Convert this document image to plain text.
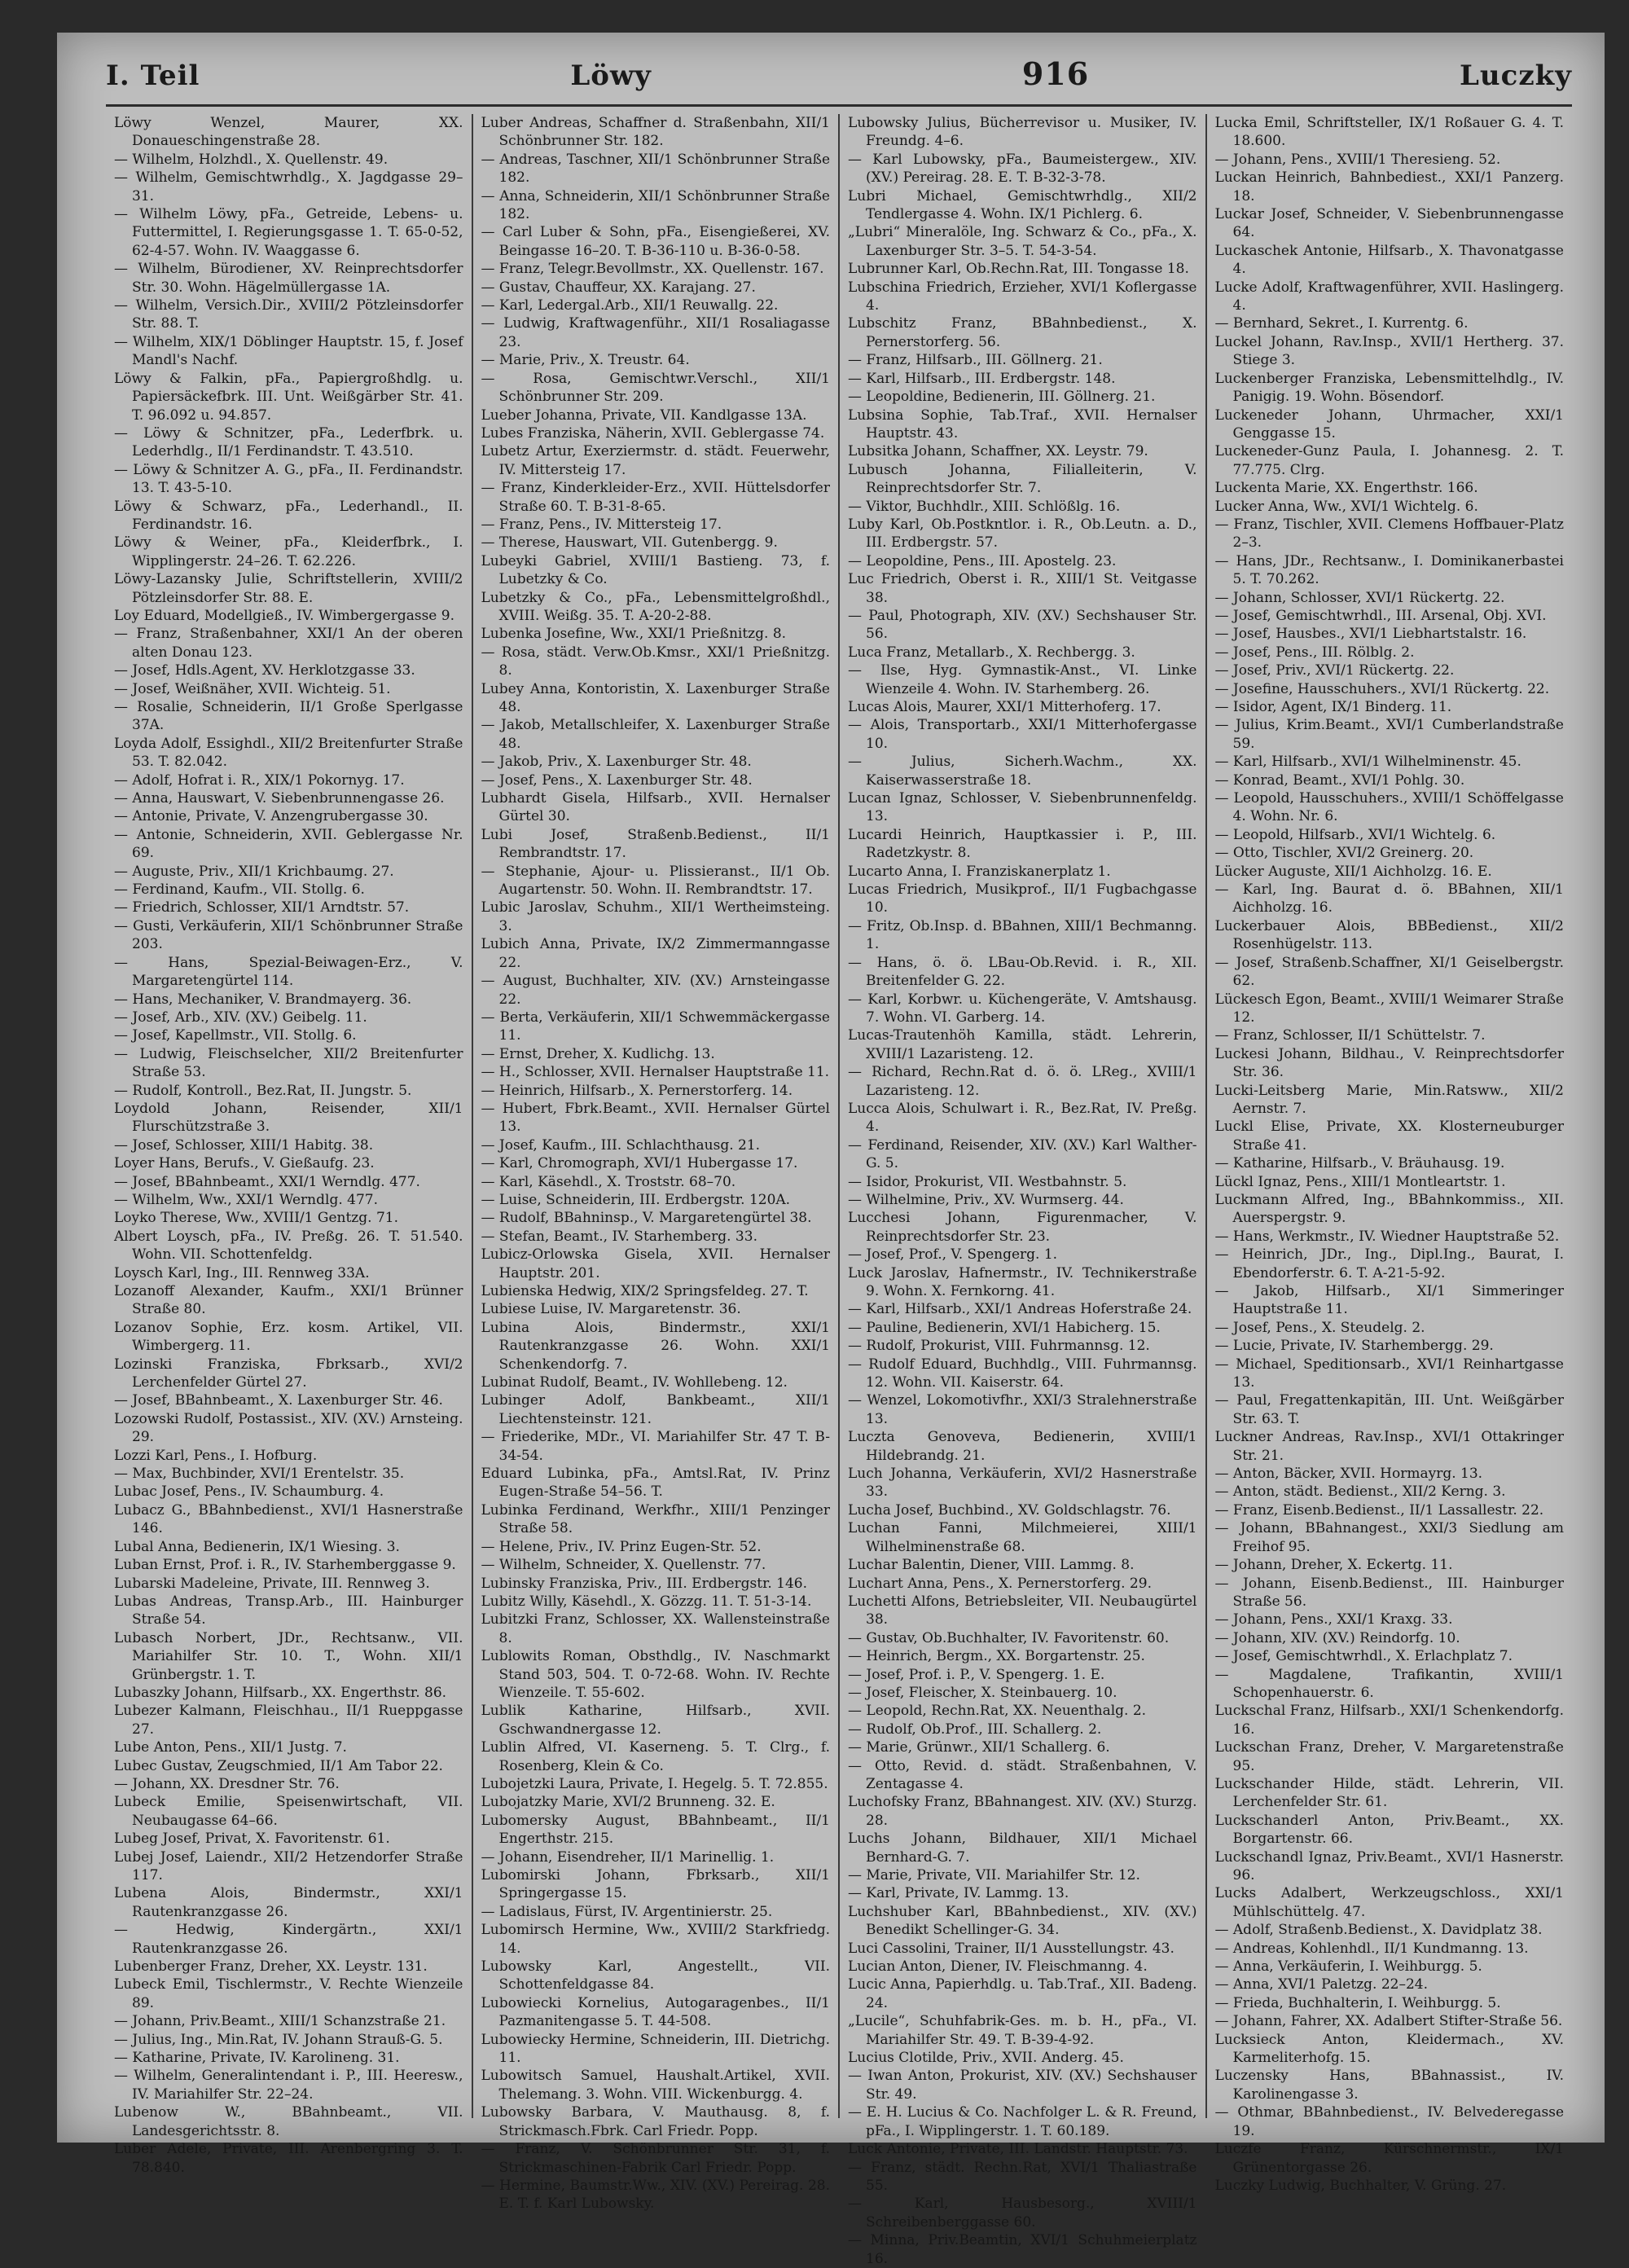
I. Teil	Löwy	916	Luczky

Löwy Wenzel, Maurer, XX. Donaueschingenstraße 28.

— Wilhelm, Holzhdl., X. Quellenstr. 49.

— Wilhelm, Gemischtwrhdlg., X. Jagdgasse 29–31.

— Wilhelm Löwy, pFa., Getreide, Lebens- u. Futtermittel, I. Regierungsgasse 1. T. 65-0-52, 62-4-57. Wohn. IV. Waaggasse 6.

— Wilhelm, Bürodiener, XV. Reinprechtsdorfer Str. 30. Wohn. Hägelmüllergasse 1A.

— Wilhelm, Versich.Dir., XVIII/2 Pötzleinsdorfer Str. 88. T.

— Wilhelm, XIX/1 Döblinger Hauptstr. 15, f. Josef Mandl's Nachf.

Löwy & Falkin, pFa., Papiergroßhdlg. u. Papiersäckefbrk. III. Unt. Weißgärber Str. 41. T. 96.092 u. 94.857.

— Löwy & Schnitzer, pFa., Lederfbrk. u. Lederhdlg., II/1 Ferdinandstr. T. 43.510.

— Löwy & Schnitzer A. G., pFa., II. Ferdinandstr. 13. T. 43-5-10.

Löwy & Schwarz, pFa., Lederhandl., II. Ferdinandstr. 16.

Löwy & Weiner, pFa., Kleiderfbrk., I. Wipplingerstr. 24–26. T. 62.226.

Löwy-Lazansky Julie, Schriftstellerin, XVIII/2 Pötzleinsdorfer Str. 88. E.

Loy Eduard, Modellgieß., IV. Wimbergergasse 9.

— Franz, Straßenbahner, XXI/1 An der oberen alten Donau 123.

— Josef, Hdls.Agent, XV. Herklotzgasse 33.

— Josef, Weißnäher, XVII. Wichteig. 51.

— Rosalie, Schneiderin, II/1 Große Sperlgasse 37A.

Loyda Adolf, Essighdl., XII/2 Breitenfurter Straße 53. T. 82.042.

— Adolf, Hofrat i. R., XIX/1 Pokornyg. 17.

— Anna, Hauswart, V. Siebenbrunnengasse 26.

— Antonie, Private, V. Anzengrubergasse 30.

— Antonie, Schneiderin, XVII. Geblergasse Nr. 69.

— Auguste, Priv., XII/1 Krichbaumg. 27.

— Ferdinand, Kaufm., VII. Stollg. 6.

— Friedrich, Schlosser, XII/1 Arndtstr. 57.

— Gusti, Verkäuferin, XII/1 Schönbrunner Straße 203.

— Hans, Spezial-Beiwagen-Erz., V. Margaretengürtel 114.

— Hans, Mechaniker, V. Brandmayerg. 36.

— Josef, Arb., XIV. (XV.) Geibelg. 11.

— Josef, Kapellmstr., VII. Stollg. 6.

— Ludwig, Fleischselcher, XII/2 Breitenfurter Straße 53.

— Rudolf, Kontroll., Bez.Rat, II. Jungstr. 5.

Loydold Johann, Reisender, XII/1 Flurschützstraße 3.

— Josef, Schlosser, XIII/1 Habitg. 38.

Loyer Hans, Berufs., V. Gießaufg. 23.

— Josef, BBahnbeamt., XXI/1 Werndlg. 477.

— Wilhelm, Ww., XXI/1 Werndlg. 477.

Loyko Therese, Ww., XVIII/1 Gentzg. 71.

Albert Loysch, pFa., IV. Preßg. 26. T. 51.540. Wohn. VII. Schottenfeldg.

Loysch Karl, Ing., III. Rennweg 33A.

Lozanoff Alexander, Kaufm., XXI/1 Brünner Straße 80.

Lozanov Sophie, Erz. kosm. Artikel, VII. Wimbergerg. 11.

Lozinski Franziska, Fbrksarb., XVI/2 Lerchenfelder Gürtel 27.

— Josef, BBahnbeamt., X. Laxenburger Str. 46.

Lozowski Rudolf, Postassist., XIV. (XV.) Arnsteing. 29.

Lozzi Karl, Pens., I. Hofburg.

— Max, Buchbinder, XVI/1 Erentelstr. 35.

Lubac Josef, Pens., IV. Schaumburg. 4.

Lubacz G., BBahnbedienst., XVI/1 Hasnerstraße 146.

Lubal Anna, Bedienerin, IX/1 Wiesing. 3.

Luban Ernst, Prof. i. R., IV. Starhemberggasse 9.

Lubarski Madeleine, Private, III. Rennweg 3.

Lubas Andreas, Transp.Arb., III. Hainburger Straße 54.

Lubasch Norbert, JDr., Rechtsanw., VII. Mariahilfer Str. 10. T., Wohn. XII/1 Grünbergstr. 1. T.

Lubaszky Johann, Hilfsarb., XX. Engerthstr. 86.

Lubezer Kalmann, Fleischhau., II/1 Rueppgasse 27.

Lube Anton, Pens., XII/1 Justg. 7.

Lubec Gustav, Zeugschmied, II/1 Am Tabor 22.

— Johann, XX. Dresdner Str. 76.

Lubeck Emilie, Speisenwirtschaft, VII. Neubaugasse 64–66.

Lubeg Josef, Privat, X. Favoritenstr. 61.

Lubej Josef, Laiendr., XII/2 Hetzendorfer Straße 117.

Lubena Alois, Bindermstr., XXI/1 Rautenkranzgasse 26.

— Hedwig, Kindergärtn., XXI/1 Rautenkranzgasse 26.

Lubenberger Franz, Dreher, XX. Leystr. 131.

Lubeck Emil, Tischlermstr., V. Rechte Wienzeile 89.

— Johann, Priv.Beamt., XIII/1 Schanzstraße 21.

— Julius, Ing., Min.Rat, IV. Johann Strauß-G. 5.

— Katharine, Private, IV. Karolineng. 31.

— Wilhelm, Generalintendant i. P., III. Heeresw., IV. Mariahilfer Str. 22–24.

Lubenow W., BBahnbeamt., VII. Landesgerichtsstr. 8.

Luber Adele, Private, III. Arenbergring 3. T. 78.840.

Luber Andreas, Schaffner d. Straßenbahn, XII/1 Schönbrunner Str. 182.

— Andreas, Taschner, XII/1 Schönbrunner Straße 182.

— Anna, Schneiderin, XII/1 Schönbrunner Straße 182.

— Carl Luber & Sohn, pFa., Eisengießerei, XV. Beingasse 16–20. T. B-36-110 u. B-36-0-58.

— Franz, Telegr.Bevollmstr., XX. Quellenstr. 167.

— Gustav, Chauffeur, XX. Karajang. 27.

— Karl, Ledergal.Arb., XII/1 Reuwallg. 22.

— Ludwig, Kraftwagenführ., XII/1 Rosaliagasse 23.

— Marie, Priv., X. Treustr. 64.

— Rosa, Gemischtwr.Verschl., XII/1 Schönbrunner Str. 209.

Lueber Johanna, Private, VII. Kandlgasse 13A.

Lubes Franziska, Näherin, XVII. Geblergasse 74.

Lubetz Artur, Exerziermstr. d. städt. Feuerwehr, IV. Mittersteig 17.

— Franz, Kinderkleider-Erz., XVII. Hüttelsdorfer Straße 60. T. B-31-8-65.

— Franz, Pens., IV. Mittersteig 17.

— Therese, Hauswart, VII. Gutenbergg. 9.

Lubeyki Gabriel, XVIII/1 Bastieng. 73, f. Lubetzky & Co.

Lubetzky & Co., pFa., Lebensmittelgroßhdl., XVIII. Weißg. 35. T. A-20-2-88.

Lubenka Josefine, Ww., XXI/1 Prießnitzg. 8.

— Rosa, städt. Verw.Ob.Kmsr., XXI/1 Prießnitzg. 8.

Lubey Anna, Kontoristin, X. Laxenburger Straße 48.

— Jakob, Metallschleifer, X. Laxenburger Straße 48.

— Jakob, Priv., X. Laxenburger Str. 48.

— Josef, Pens., X. Laxenburger Str. 48.

Lubhardt Gisela, Hilfsarb., XVII. Hernalser Gürtel 30.

Lubi Josef, Straßenb.Bedienst., II/1 Rembrandtstr. 17.

— Stephanie, Ajour- u. Plissieranst., II/1 Ob. Augartenstr. 50. Wohn. II. Rembrandtstr. 17.

Lubic Jaroslav, Schuhm., XII/1 Wertheimsteing. 3.

Lubich Anna, Private, IX/2 Zimmermanngasse 22.

— August, Buchhalter, XIV. (XV.) Arnsteingasse 22.

— Berta, Verkäuferin, XII/1 Schwemmäckergasse 11.

— Ernst, Dreher, X. Kudlichg. 13.

— H., Schlosser, XVII. Hernalser Hauptstraße 11.

— Heinrich, Hilfsarb., X. Pernerstorferg. 14.

— Hubert, Fbrk.Beamt., XVII. Hernalser Gürtel 13.

— Josef, Kaufm., III. Schlachthausg. 21.

— Karl, Chromograph, XVI/1 Hubergasse 17.

— Karl, Käsehdl., X. Troststr. 68–70.

— Luise, Schneiderin, III. Erdbergstr. 120A.

— Rudolf, BBahninsp., V. Margaretengürtel 38.

— Stefan, Beamt., IV. Starhemberg. 33.

Lubicz-Orlowska Gisela, XVII. Hernalser Hauptstr. 201.

Lubienska Hedwig, XIX/2 Springsfeldeg. 27. T.

Lubiese Luise, IV. Margaretenstr. 36.

Lubina Alois, Bindermstr., XXI/1 Rautenkranzgasse 26. Wohn. XXI/1 Schenkendorfg. 7.

Lubinat Rudolf, Beamt., IV. Wohllebeng. 12.

Lubinger Adolf, Bankbeamt., XII/1 Liechtensteinstr. 121.

— Friederike, MDr., VI. Mariahilfer Str. 47 T. B-34-54.

Eduard Lubinka, pFa., Amtsl.Rat, IV. Prinz Eugen-Straße 54–56. T.

Lubinka Ferdinand, Werkfhr., XIII/1 Penzinger Straße 58.

— Helene, Priv., IV. Prinz Eugen-Str. 52.

— Wilhelm, Schneider, X. Quellenstr. 77.

Lubinsky Franziska, Priv., III. Erdbergstr. 146.

Lubitz Willy, Käsehdl., X. Gözzg. 11. T. 51-3-14.

Lubitzki Franz, Schlosser, XX. Wallensteinstraße 8.

Lublowits Roman, Obsthdlg., IV. Naschmarkt Stand 503, 504. T. 0-72-68. Wohn. IV. Rechte Wienzeile. T. 55-602.

Lublik Katharine, Hilfsarb., XVII. Gschwandnergasse 12.

Lublin Alfred, VI. Kaserneng. 5. T. Clrg., f. Rosenberg, Klein & Co.

Lubojetzki Laura, Private, I. Hegelg. 5. T. 72.855.

Lubojatzky Marie, XVI/2 Brunneng. 32. E.

Lubomersky August, BBahnbeamt., II/1 Engerthstr. 215.

— Johann, Eisendreher, II/1 Marinellig. 1.

Lubomirski Johann, Fbrksarb., XII/1 Springergasse 15.

— Ladislaus, Fürst, IV. Argentinierstr. 25.

Lubomirsch Hermine, Ww., XVIII/2 Starkfriedg. 14.

Lubowsky Karl, Angestellt., VII. Schottenfeldgasse 84.

Lubowiecki Kornelius, Autogaragenbes., II/1 Pazmanitengasse 5. T. 44-508.

Lubowiecky Hermine, Schneiderin, III. Dietrichg. 11.

Lubowitsch Samuel, Haushalt.Artikel, XVII. Thelemang. 3. Wohn. VIII. Wickenburgg. 4.

Lubowsky Barbara, V. Mauthausg. 8, f. Strickmasch.Fbrk. Carl Friedr. Popp.

— Franz, V. Schönbrunner Str. 31, f. Strickmaschinen-Fabrik Carl Friedr. Popp.

— Hermine, Baumstr.Ww., XIV. (XV.) Pereirag. 28. E. T. f. Karl Lubowsky.

Lubowsky Julius, Bücherrevisor u. Musiker, IV. Freundg. 4–6.

— Karl Lubowsky, pFa., Baumeistergew., XIV. (XV.) Pereirag. 28. E. T. B-32-3-78.

Lubri Michael, Gemischtwrhdlg., XII/2 Tendlergasse 4. Wohn. IX/1 Pichlerg. 6.

„Lubri“ Mineralöle, Ing. Schwarz & Co., pFa., X. Laxenburger Str. 3–5. T. 54-3-54.

Lubrunner Karl, Ob.Rechn.Rat, III. Tongasse 18.

Lubschina Friedrich, Erzieher, XVI/1 Koflergasse 4.

Lubschitz Franz, BBahnbedienst., X. Pernerstorferg. 56.

— Franz, Hilfsarb., III. Göllnerg. 21.

— Karl, Hilfsarb., III. Erdbergstr. 148.

— Leopoldine, Bedienerin, III. Göllnerg. 21.

Lubsina Sophie, Tab.Traf., XVII. Hernalser Hauptstr. 43.

Lubsitka Johann, Schaffner, XX. Leystr. 79.

Lubusch Johanna, Filialleiterin, V. Reinprechtsdorfer Str. 7.

— Viktor, Buchhdlr., XIII. Schlößlg. 16.

Luby Karl, Ob.Postkntlor. i. R., Ob.Leutn. a. D., III. Erdbergstr. 57.

— Leopoldine, Pens., III. Apostelg. 23.

Luc Friedrich, Oberst i. R., XIII/1 St. Veitgasse 38.

— Paul, Photograph, XIV. (XV.) Sechshauser Str. 56.

Luca Franz, Metallarb., X. Rechbergg. 3.

— Ilse, Hyg. Gymnastik-Anst., VI. Linke Wienzeile 4. Wohn. IV. Starhemberg. 26.

Lucas Alois, Maurer, XXI/1 Mitterhoferg. 17.

— Alois, Transportarb., XXI/1 Mitterhofergasse 10.

— Julius, Sicherh.Wachm., XX. Kaiserwasserstraße 18.

Lucan Ignaz, Schlosser, V. Siebenbrunnenfeldg. 13.

Lucardi Heinrich, Hauptkassier i. P., III. Radetzkystr. 8.

Lucarto Anna, I. Franziskanerplatz 1.

Lucas Friedrich, Musikprof., II/1 Fugbachgasse 10.

— Fritz, Ob.Insp. d. BBahnen, XIII/1 Bechmanng. 1.

— Hans, ö. ö. LBau-Ob.Revid. i. R., XII. Breitenfelder G. 22.

— Karl, Korbwr. u. Küchengeräte, V. Amtshausg. 7. Wohn. VI. Garberg. 14.

Lucas-Trautenhöh Kamilla, städt. Lehrerin, XVIII/1 Lazaristeng. 12.

— Richard, Rechn.Rat d. ö. ö. LReg., XVIII/1 Lazaristeng. 12.

Lucca Alois, Schulwart i. R., Bez.Rat, IV. Preßg. 4.

— Ferdinand, Reisender, XIV. (XV.) Karl Walther-G. 5.

— Isidor, Prokurist, VII. Westbahnstr. 5.

— Wilhelmine, Priv., XV. Wurmserg. 44.

Lucchesi Johann, Figurenmacher, V. Reinprechtsdorfer Str. 23.

— Josef, Prof., V. Spengerg. 1.

Luck Jaroslav, Hafnermstr., IV. Technikerstraße 9. Wohn. X. Fernkorng. 41.

— Karl, Hilfsarb., XXI/1 Andreas Hoferstraße 24.

— Pauline, Bedienerin, XVI/1 Habicherg. 15.

— Rudolf, Prokurist, VIII. Fuhrmannsg. 12.

— Rudolf Eduard, Buchhdlg., VIII. Fuhrmannsg. 12. Wohn. VII. Kaiserstr. 64.

— Wenzel, Lokomotivfhr., XXI/3 Stralehnerstraße 13.

Luczta Genoveva, Bedienerin, XVIII/1 Hildebrandg. 21.

Luch Johanna, Verkäuferin, XVI/2 Hasnerstraße 33.

Lucha Josef, Buchbind., XV. Goldschlagstr. 76.

Luchan Fanni, Milchmeierei, XIII/1 Wilhelminenstraße 68.

Luchar Balentin, Diener, VIII. Lammg. 8.

Luchart Anna, Pens., X. Pernerstorferg. 29.

Luchetti Alfons, Betriebsleiter, VII. Neubaugürtel 38.

— Gustav, Ob.Buchhalter, IV. Favoritenstr. 60.

— Heinrich, Bergm., XX. Borgartenstr. 25.

— Josef, Prof. i. P., V. Spengerg. 1. E.

— Josef, Fleischer, X. Steinbauerg. 10.

— Leopold, Rechn.Rat, XX. Neuenthalg. 2.

— Rudolf, Ob.Prof., III. Schallerg. 2.

— Marie, Grünwr., XII/1 Schallerg. 6.

— Otto, Revid. d. städt. Straßenbahnen, V. Zentagasse 4.

Luchofsky Franz, BBahnangest. XIV. (XV.) Sturzg. 28.

Luchs Johann, Bildhauer, XII/1 Michael Bernhard-G. 7.

— Marie, Private, VII. Mariahilfer Str. 12.

— Karl, Private, IV. Lammg. 13.

Luchshuber Karl, BBahnbedienst., XIV. (XV.) Benedikt Schellinger-G. 34.

Luci Cassolini, Trainer, II/1 Ausstellungstr. 43.

Lucian Anton, Diener, IV. Fleischmanng. 4.

Lucic Anna, Papierhdlg. u. Tab.Traf., XII. Badeng. 24.

„Lucile“, Schuhfabrik-Ges. m. b. H., pFa., VI. Mariahilfer Str. 49. T. B-39-4-92.

Lucius Clotilde, Priv., XVII. Anderg. 45.

— Iwan Anton, Prokurist, XIV. (XV.) Sechshauser Str. 49.

— E. H. Lucius & Co. Nachfolger L. & R. Freund, pFa., I. Wipplingerstr. 1. T. 60.189.

Luck Antonie, Private, III. Landstr. Hauptstr. 73.

— Franz, städt. Rechn.Rat, XVI/1 Thaliastraße 55.

— Karl, Hausbesorg., XVIII/1 Schreibenberggasse 60.

— Minna, Priv.Beamtin, XVI/1 Schuhmeierplatz 16.

Lucka Emil, Schriftsteller, IX/1 Roßauer G. 4. T. 18.600.

— Johann, Pens., XVIII/1 Theresieng. 52.

Luckan Heinrich, Bahnbediest., XXI/1 Panzerg. 18.

Luckar Josef, Schneider, V. Siebenbrunnengasse 64.

Luckaschek Antonie, Hilfsarb., X. Thavonatgasse 4.

Lucke Adolf, Kraftwagenführer, XVII. Haslingerg. 4.

— Bernhard, Sekret., I. Kurrentg. 6.

Luckel Johann, Rav.Insp., XVII/1 Hertherg. 37. Stiege 3.

Luckenberger Franziska, Lebensmittelhdlg., IV. Panigig. 19. Wohn. Bösendorf.

Luckeneder Johann, Uhrmacher, XXI/1 Genggasse 15.

Luckeneder-Gunz Paula, I. Johannesg. 2. T. 77.775. Clrg.

Luckenta Marie, XX. Engerthstr. 166.

Lucker Anna, Ww., XVI/1 Wichtelg. 6.

— Franz, Tischler, XVII. Clemens Hoffbauer-Platz 2–3.

— Hans, JDr., Rechtsanw., I. Dominikanerbastei 5. T. 70.262.

— Johann, Schlosser, XVI/1 Rückertg. 22.

— Josef, Gemischtwrhdl., III. Arsenal, Obj. XVI.

— Josef, Hausbes., XVI/1 Liebhartstalstr. 16.

— Josef, Pens., III. Rölblg. 2.

— Josef, Priv., XVI/1 Rückertg. 22.

— Josefine, Hausschuhers., XVI/1 Rückertg. 22.

— Isidor, Agent, IX/1 Binderg. 11.

— Julius, Krim.Beamt., XVI/1 Cumberlandstraße 59.

— Karl, Hilfsarb., XVI/1 Wilhelminenstr. 45.

— Konrad, Beamt., XVI/1 Pohlg. 30.

— Leopold, Hausschuhers., XVIII/1 Schöffelgasse 4. Wohn. Nr. 6.

— Leopold, Hilfsarb., XVI/1 Wichtelg. 6.

— Otto, Tischler, XVI/2 Greinerg. 20.

Lücker Auguste, XII/1 Aichholzg. 16. E.

— Karl, Ing. Baurat d. ö. BBahnen, XII/1 Aichholzg. 16.

Luckerbauer Alois, BBBedienst., XII/2 Rosenhügelstr. 113.

— Josef, Straßenb.Schaffner, XI/1 Geiselbergstr. 62.

Lückesch Egon, Beamt., XVIII/1 Weimarer Straße 12.

— Franz, Schlosser, II/1 Schüttelstr. 7.

Luckesi Johann, Bildhau., V. Reinprechtsdorfer Str. 36.

Lucki-Leitsberg Marie, Min.Ratsww., XII/2 Aernstr. 7.

Luckl Elise, Private, XX. Klosterneuburger Straße 41.

— Katharine, Hilfsarb., V. Bräuhausg. 19.

Lückl Ignaz, Pens., XIII/1 Montleartstr. 1.

Luckmann Alfred, Ing., BBahnkommiss., XII. Auerspergstr. 9.

— Hans, Werkmstr., IV. Wiedner Hauptstraße 52.

— Heinrich, JDr., Ing., Dipl.Ing., Baurat, I. Ebendorferstr. 6. T. A-21-5-92.

— Jakob, Hilfsarb., XI/1 Simmeringer Hauptstraße 11.

— Josef, Pens., X. Steudelg. 2.

— Lucie, Private, IV. Starhembergg. 29.

— Michael, Speditionsarb., XVI/1 Reinhartgasse 13.

— Paul, Fregattenkapitän, III. Unt. Weißgärber Str. 63. T.

Luckner Andreas, Rav.Insp., XVI/1 Ottakringer Str. 21.

— Anton, Bäcker, XVII. Hormayrg. 13.

— Anton, städt. Bedienst., XII/2 Kerng. 3.

— Franz, Eisenb.Bedienst., II/1 Lassallestr. 22.

— Johann, BBahnangest., XXI/3 Siedlung am Freihof 95.

— Johann, Dreher, X. Eckertg. 11.

— Johann, Eisenb.Bedienst., III. Hainburger Straße 56.

— Johann, Pens., XXI/1 Kraxg. 33.

— Johann, XIV. (XV.) Reindorfg. 10.

— Josef, Gemischtwrhdl., X. Erlachplatz 7.

— Magdalene, Trafikantin, XVIII/1 Schopenhauerstr. 6.

Luckschal Franz, Hilfsarb., XXI/1 Schenkendorfg. 16.

Luckschan Franz, Dreher, V. Margaretenstraße 95.

Luckschander Hilde, städt. Lehrerin, VII. Lerchenfelder Str. 61.

Luckschanderl Anton, Priv.Beamt., XX. Borgartenstr. 66.

Luckschandl Ignaz, Priv.Beamt., XVI/1 Hasnerstr. 96.

Lucks Adalbert, Werkzeugschloss., XXI/1 Mühlschüttelg. 47.

— Adolf, Straßenb.Bedienst., X. Davidplatz 38.

— Andreas, Kohlenhdl., II/1 Kundmanng. 13.

— Anna, Verkäuferin, I. Weihburgg. 5.

— Anna, XVI/1 Paletzg. 22–24.

— Frieda, Buchhalterin, I. Weihburgg. 5.

— Johann, Fahrer, XX. Adalbert Stifter-Straße 56.

Lucksieck Anton, Kleidermach., XV. Karmeliterhofg. 15.

Luczensky Hans, BBahnassist., IV. Karolinengasse 3.

— Othmar, BBahnbedienst., IV. Belvederegasse 19.

Luczfe Franz, Kürschnermstr., IX/1 Grünentorgasse 26.

Luczky Ludwig, Buchhalter, V. Grüng. 27.
